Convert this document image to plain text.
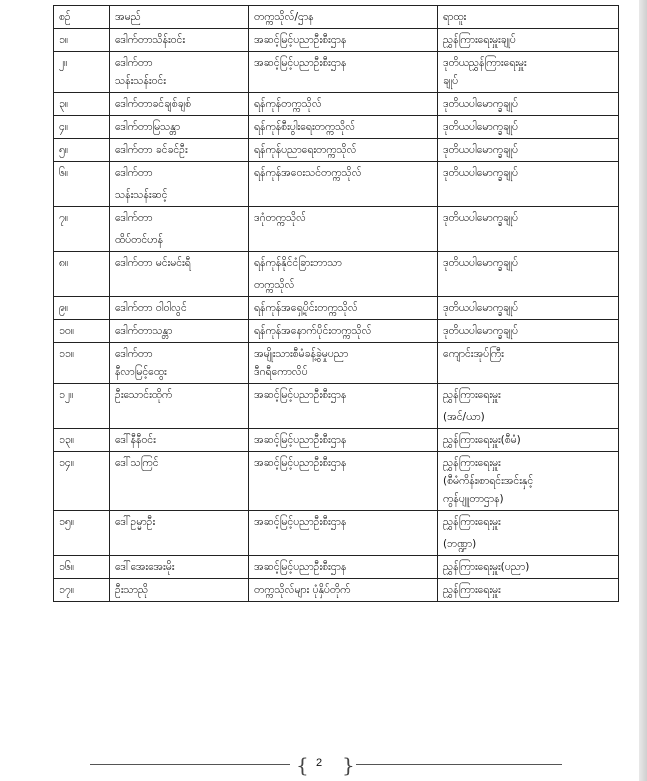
စဉ်	အမည်	တက္ကသိုလ်/ဌာန	ရာထူး
၁။	ဒေါက်တာသိန်းဝင်း	အဆင့်မြင့်ပညာဦးစီးဌာန	ညွှန်ကြားရေးမှူးချုပ်

၂။	ဒေါက်တာ
သန်းသန်းဝင်း	အဆင့်မြင့်ပညာဦးစီးဌာန	ဒုတိယညွှန်ကြားရေးမှူး
ချုပ်

၃။	ဒေါက်တာခင်ချစ်ချစ်	ရန်ကုန်တက္ကသိုလ်	ဒုတိယပါမောက္ခချုပ်

၄။	ဒေါက်တာမြသန္တာ	ရန်ကုန်စီးပွါးရေးတက္ကသိုလ်	ဒုတိယပါမောက္ခချုပ်

၅။	ဒေါက်တာ ခင်ခင်ဦး	ရန်ကုန်ပညာရေးတက္ကသိုလ်	ဒုတိယပါမောက္ခချုပ်

၆။	ဒေါက်တာ
သန်းသန်းဆင့်	ရန်ကုန်အဝေးသင်တက္ကသိုလ်	ဒုတိယပါမောက္ခချုပ်

၇။	ဒေါက်တာ
ထိပ်တင်ဟန်	ဒဂုံတက္ကသိုလ်	ဒုတိယပါမောက္ခချုပ်

၈။	ဒေါက်တာ မင်းမင်းရီ	ရန်ကုန်နိုင်ငံခြားဘာသာ
တက္ကသိုလ်	ဒုတိယပါမောက္ခချုပ်

၉။	ဒေါက်တာ ဝါဝါလွင်	ရန်ကုန်အရှေ့ပိုင်းတက္ကသိုလ်	ဒုတိယပါမောက္ခချုပ်

၁၀။	ဒေါက်တာသန္တာ	ရန်ကုန်အနောက်ပိုင်းတက္ကသိုလ်	ဒုတိယပါမောက္ခချုပ်

၁၁။	ဒေါက်တာ
နီလာမြင့်ထွေး	အမျိုးသားစီမံခန့်ခွဲမှုပညာ
ဒီဂရီကောလိပ်	ကျောင်းအုပ်ကြီး

၁၂။	ဦးသောင်းထိုက်	အဆင့်မြင့်ပညာဦးစီးဌာန	ညွှန်ကြားရေးမှူး
(အင်/ယာ)

၁၃။	ဒေါ်နီနီဝင်း	အဆင့်မြင့်ပညာဦးစီးဌာန	ညွှန်ကြားရေးမှူး(စီမံ)

၁၄။	ဒေါ်သကြင်	အဆင့်မြင့်ပညာဦးစီးဌာန	ညွှန်ကြားရေးမှူး
(စီမံကိန်း၊စာရင်းအင်းနှင့်
ကွန်ပျူတာဌာန)

၁၅။	ဒေါ်ဥမ္မာဦး	အဆင့်မြင့်ပညာဦးစီးဌာန	ညွှန်ကြားရေးမှူး
(ဘဏ္ဍာ)

၁၆။	ဒေါ်အေးအေးမိုး	အဆင့်မြင့်ပညာဦးစီးဌာန	ညွှန်ကြားရေးမှူး(ပညာ)

၁၇။	ဦးသာညို	တက္ကသိုလ်များ ပုံနှိပ်တိုက်	ညွှန်ကြားရေးမှူး
{ 2 }
